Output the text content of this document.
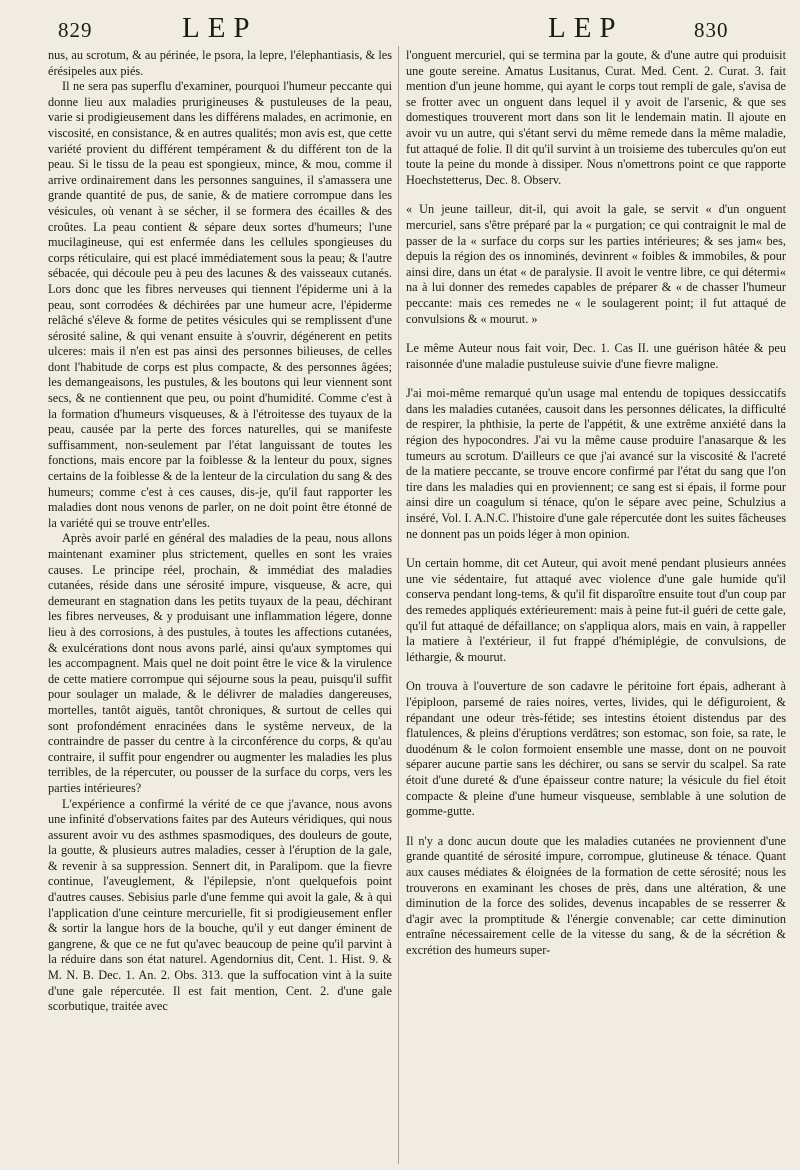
829	LEP	LEP	830

nus, au scrotum, & au périnée, le psora, la lepre, l'élephantiasis, & les érésipeles aux piés.

Il ne sera pas superflu d'examiner, pourquoi l'humeur peccante qui donne lieu aux maladies prurigineuses & pustuleuses de la peau, varie si prodigieusement dans les différens malades, en acrimonie, en viscosité, en consistance, & en autres qualités; mon avis est, que cette variété provient du différent tempérament & du différent ton de la peau. Si le tissu de la peau est spongieux, mince, & mou, comme il arrive ordinairement dans les personnes sanguines, il s'amassera une grande quantité de pus, de sanie, & de matiere corrompue dans les vésicules, où venant à se sécher, il se formera des écailles & des croûtes. La peau contient & sépare deux sortes d'humeurs; l'une mucilagineuse, qui est enfermée dans les cellules spongieuses du corps réticulaire, qui est placé immédiatement sous la peau; & l'autre sébacée, qui découle peu à peu des lacunes & des vaisseaux cutanés. Lors donc que les fibres nerveuses qui tiennent l'épiderme uni à la peau, sont corrodées & déchirées par une humeur acre, l'épiderme relâché s'éleve & forme de petites vésicules qui se remplissent d'une sérosité saline, & qui venant ensuite à s'ouvrir, dégénerent en petits ulceres: mais il n'en est pas ainsi des personnes bilieuses, de celles dont l'habitude de corps est plus compacte, & des personnes âgées; les demangeaisons, les pustules, & les boutons qui leur viennent sont secs, & ne contiennent que peu, ou point d'humidité. Comme c'est à la formation d'humeurs visqueuses, & à l'étroitesse des tuyaux de la peau, causée par la perte des forces naturelles, qui se manifeste suffisamment, non-seulement par l'état languissant de toutes les fonctions, mais encore par la foiblesse & la lenteur du poux, signes certains de la foiblesse & de la lenteur de la circulation du sang & des humeurs; comme c'est à ces causes, dis-je, qu'il faut rapporter les maladies dont nous venons de parler, on ne doit point être étonné de la variété qui se trouve entr'elles.

Après avoir parlé en général des maladies de la peau, nous allons maintenant examiner plus strictement, quelles en sont les vraies causes. Le principe réel, prochain, & immédiat des maladies cutanées, réside dans une sérosité impure, visqueuse, & acre, qui demeurant en stagnation dans les petits tuyaux de la peau, déchirant les fibres nerveuses, & y produisant une inflammation légere, donne lieu à des corrosions, à des pustules, à toutes les affections cutanées, & exulcérations dont nous avons parlé, ainsi qu'aux symptomes qui les accompagnent. Mais quel ne doit point être le vice & la virulence de cette matiere corrompue qui séjourne sous la peau, puisqu'il suffit pour soulager un malade, & le délivrer de maladies dangereuses, mortelles, tantôt aiguës, tantôt chroniques, & surtout de celles qui sont profondément enracinées dans le systême nerveux, de la contraindre de passer du centre à la circonférence du corps, & qu'au contraire, il suffit pour engendrer ou augmenter les maladies les plus terribles, de la répercuter, ou pousser de la surface du corps, vers les parties intérieures?

L'expérience a confirmé la vérité de ce que j'avance, nous avons une infinité d'observations faites par des Auteurs véridiques, qui nous assurent avoir vu des asthmes spasmodiques, des douleurs de goute, la goutte, & plusieurs autres maladies, cesser à l'éruption de la gale, & revenir à sa suppression. Sennert dit, in Paralipom. que la fievre continue, l'aveuglement, & l'épilepsie, n'ont quelquefois point d'autres causes. Sebisius parle d'une femme qui avoit la gale, & à qui l'application d'une ceinture mercurielle, fit si prodigieusement enfler & sortir la langue hors de la bouche, qu'il y eut danger éminent de gangrene, & que ce ne fut qu'avec beaucoup de peine qu'il parvint à la réduire dans son état naturel. Agendornius dit, Cent. 1. Hist. 9. & M. N. B. Dec. 1. An. 2. Obs. 313. que la suffocation vint à la suite d'une gale répercutée. Il est fait mention, Cent. 2. d'une gale scorbutique, traitée avec

l'onguent mercuriel, qui se termina par la goute, & d'une autre qui produisit une goute sereine. Amatus Lusitanus, Curat. Med. Cent. 2. Curat. 3. fait mention d'un jeune homme, qui ayant le corps tout rempli de gale, s'avisa de se frotter avec un onguent dans lequel il y avoit de l'arsenic, & que ses domestiques trouverent mort dans son lit le lendemain matin. Il ajoute en avoir vu un autre, qui s'étant servi du même remede dans la même maladie, fut attaqué de folie. Il dit qu'il survint à un troisieme des tubercules qu'on eut toute la peine du monde à dissiper. Nous n'omettrons point ce que rapporte Hoechstetterus, Dec. 8. Observ.

« Un jeune tailleur, dit-il, qui avoit la gale, se servit « d'un onguent mercuriel, sans s'être préparé par la « purgation; ce qui contraignit le mal de passer de la « surface du corps sur les parties intérieures; & ses jam« bes, depuis la région des os innominés, devinrent « foibles & immobiles, & pour ainsi dire, dans un état « de paralysie. Il avoit le ventre libre, ce qui détermi« na à lui donner des remedes capables de préparer & « de chasser l'humeur peccante: mais ces remedes ne « le soulagerent point; il fut attaqué de convulsions & « mourut. »

Le même Auteur nous fait voir, Dec. 1. Cas II. une guérison hâtée & peu raisonnée d'une maladie pustuleuse suivie d'une fievre maligne.

J'ai moi-même remarqué qu'un usage mal entendu de topiques dessiccatifs dans les maladies cutanées, causoit dans les personnes délicates, la difficulté de respirer, la phthisie, la perte de l'appétit, & une extrême anxiété dans la région des hypocondres. J'ai vu la même cause produire l'anasarque & les tumeurs au scrotum. D'ailleurs ce que j'ai avancé sur la viscosité & l'acreté de la matiere peccante, se trouve encore confirmé par l'état du sang que l'on tire dans les maladies qui en proviennent; ce sang est si épais, il forme pour ainsi dire un coagulum si ténace, qu'on le sépare avec peine, Schulzius a inséré, Vol. I. A.N.C. l'histoire d'une gale répercutée dont les suites fâcheuses ne donnent pas un poids léger à mon opinion.

Un certain homme, dit cet Auteur, qui avoit mené pendant plusieurs années une vie sédentaire, fut attaqué avec violence d'une gale humide qu'il conserva pendant long-tems, & qu'il fit disparoître ensuite tout d'un coup par des remedes appliqués extérieurement: mais à peine fut-il guéri de cette gale, qu'il fut attaqué de défaillance; on s'appliqua alors, mais en vain, à rappeller la matiere à l'extérieur, il fut frappé d'hémiplégie, de convulsions, de léthargie, & mourut.

On trouva à l'ouverture de son cadavre le péritoine fort épais, adherant à l'épiploon, parsemé de raies noires, vertes, livides, qui le défiguroient, & répandant une odeur très-fétide; ses intestins étoient distendus par des flatulences, & pleins d'éruptions verdâtres; son estomac, son foie, sa rate, le duodénum & le colon formoient ensemble une masse, dont on ne pouvoit séparer aucune partie sans les déchirer, ou sans se servir du scalpel. Sa rate étoit d'une dureté & d'une épaisseur contre nature; la vésicule du fiel étoit compacte & pleine d'une humeur visqueuse, semblable à une solution de gomme-gutte.

Il n'y a donc aucun doute que les maladies cutanées ne proviennent d'une grande quantité de sérosité impure, corrompue, glutineuse & ténace. Quant aux causes médiates & éloignées de la formation de cette sérosité; nous les trouverons en examinant les choses de près, dans une altération, & une diminution de la force des solides, devenus incapables de se resserrer & d'agir avec la promptitude & l'énergie convenable; car cette diminution entraîne nécessairement celle de la vitesse du sang, & de la sécrétion & excrétion des humeurs super-
